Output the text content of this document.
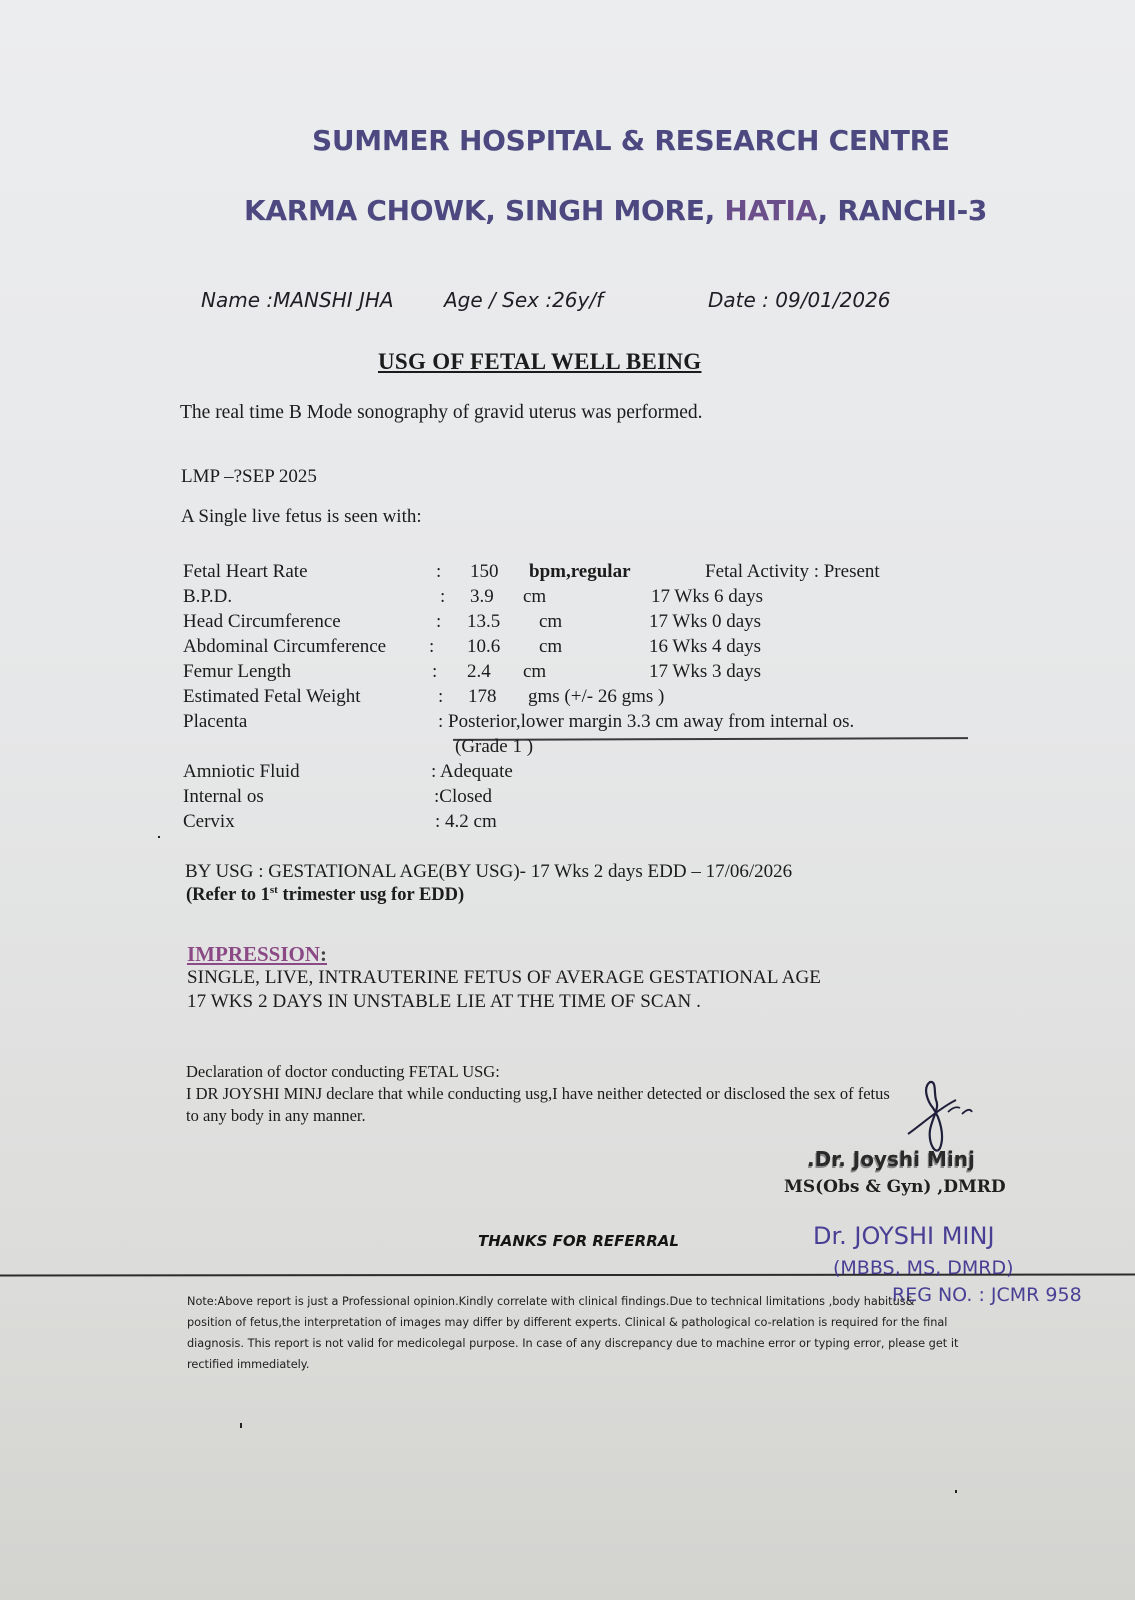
SUMMER HOSPITAL & RESEARCH CENTRE
KARMA CHOWK, SINGH MORE, HATIA, RANCHI-3
Name :MANSHI JHA	Age / Sex :26y/f	Date : 09/01/2026
USG OF FETAL WELL BEING
The real time B Mode sonography of gravid uterus was performed.
LMP –?SEP 2025
A Single live fetus is seen with:
Fetal Heart Rate	: 150 bpm,regular	Fetal Activity : Present
B.P.D.	: 3.9 cm	17 Wks 6 days
Head Circumference	: 13.5 cm	17 Wks 0 days
Abdominal Circumference : 10.6 cm	16 Wks 4 days
Femur Length	: 2.4 cm	17 Wks 3 days
Estimated Fetal Weight	: 178 gms (+/- 26 gms )
Placenta	: Posterior,lower margin 3.3 cm away from internal os.
(Grade 1 )
Amniotic Fluid	: Adequate
Internal os	:Closed
Cervix	: 4.2 cm
BY USG : GESTATIONAL AGE(BY USG)- 17 Wks 2 days EDD – 17/06/2026
(Refer to 1st trimester usg for EDD)
IMPRESSION:
SINGLE, LIVE, INTRAUTERINE FETUS OF AVERAGE GESTATIONAL AGE
17 WKS 2 DAYS IN UNSTABLE LIE AT THE TIME OF SCAN .
Declaration of doctor conducting FETAL USG:
I DR JOYSHI MINJ declare that while conducting usg,I have neither detected or disclosed the sex of fetus
to any body in any manner.
.Dr. Joyshi Minj
MS(Obs & Gyn) ,DMRD
THANKS FOR REFERRAL	Dr. JOYSHI MINJ
(MBBS, MS, DMRD)
REG NO. : JCMR 958
Note:Above report is just a Professional opinion.Kindly correlate with clinical findings.Due to technical limitations ,body habitus&
position of fetus,the interpretation of images may differ by different experts. Clinical & pathological co-relation is required for the final
diagnosis. This report is not valid for medicolegal purpose. In case of any discrepancy due to machine error or typing error, please get it
rectified immediately.
